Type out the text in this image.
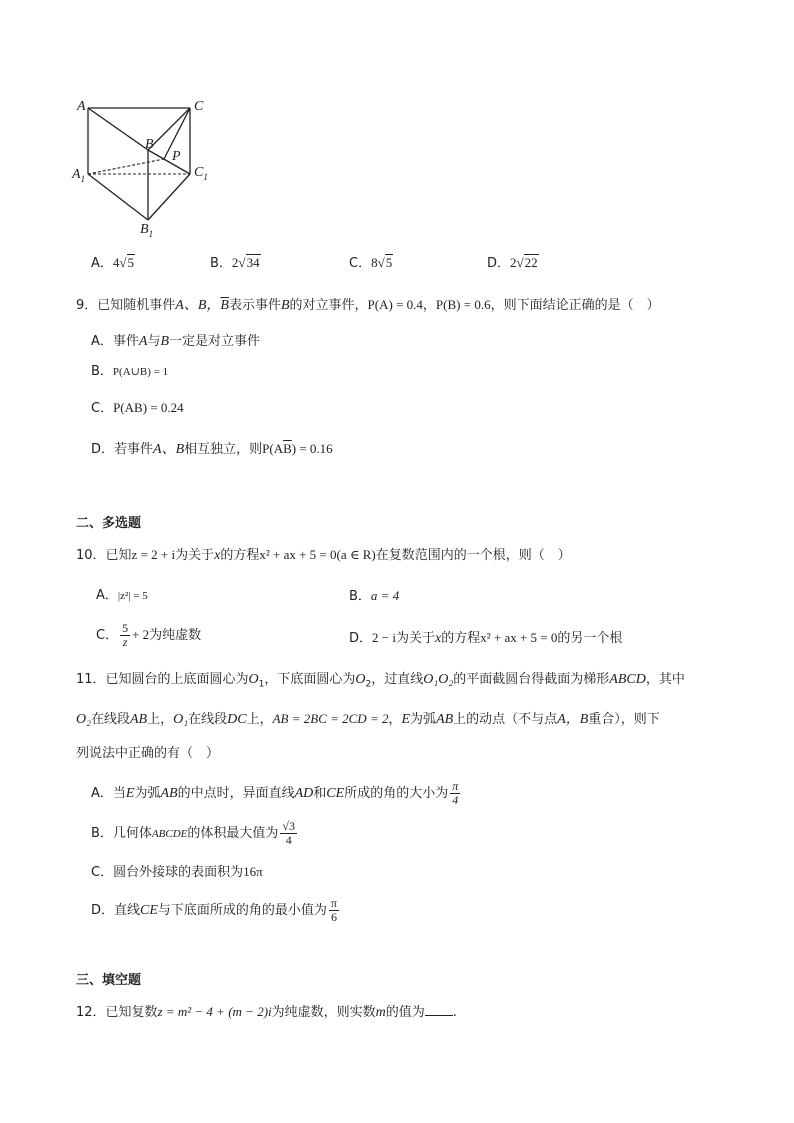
A	C
B
P
$A_1$	$C_1$
$B_1$
A．4√5	B．2√34	C．8√5	D．2√22
9．已知随机事件A、B，$\overline{B}$表示事件B的对立事件，P(A) = 0.4，P(B) = 0.6，则下面结论正确的是（　）
A．事件A与B一定是对立事件
B．P(A∪B) = 1
C．P(AB) = 0.24
D．若事件A、B相互独立，则$P(A\overline{B}) = 0.16$
二、多选题
10．已知z = 2 + i为关于x的方程x² + ax + 5 = 0(a ∈ R)在复数范围内的一个根，则（　）
A．|z²| = 5	B．a = 4
C． $\frac{5}{z} + 2$为纯虚数	D．2 − i为关于x的方程x² + ax + 5 = 0的另一个根
11．已知圆台的上底面圆心为$O_1$，下底面圆心为$O_2$，过直线O₁O₂的平面截圆台得截面为梯形ABCD，其中
O₂在线段AB上，O₁在线段DC上，AB = 2BC = 2CD = 2，E为弧AB上的动点（不与点A，B重合），则下
列说法中正确的有（　）
A．当E为弧AB的中点时，异面直线AD和CE所成的角的大小为 $\frac{\pi}{4}$
B．几何体ABCDE的体积最大值为 $\frac{√3}{4}$
C．圆台外接球的表面积为16π
D．直线CE与下底面所成的角的最小值为 $\frac{\pi}{6}$
三、填空题
12．已知复数z = m² − 4 + (m − 2)i为纯虚数，则实数m的值为 .
